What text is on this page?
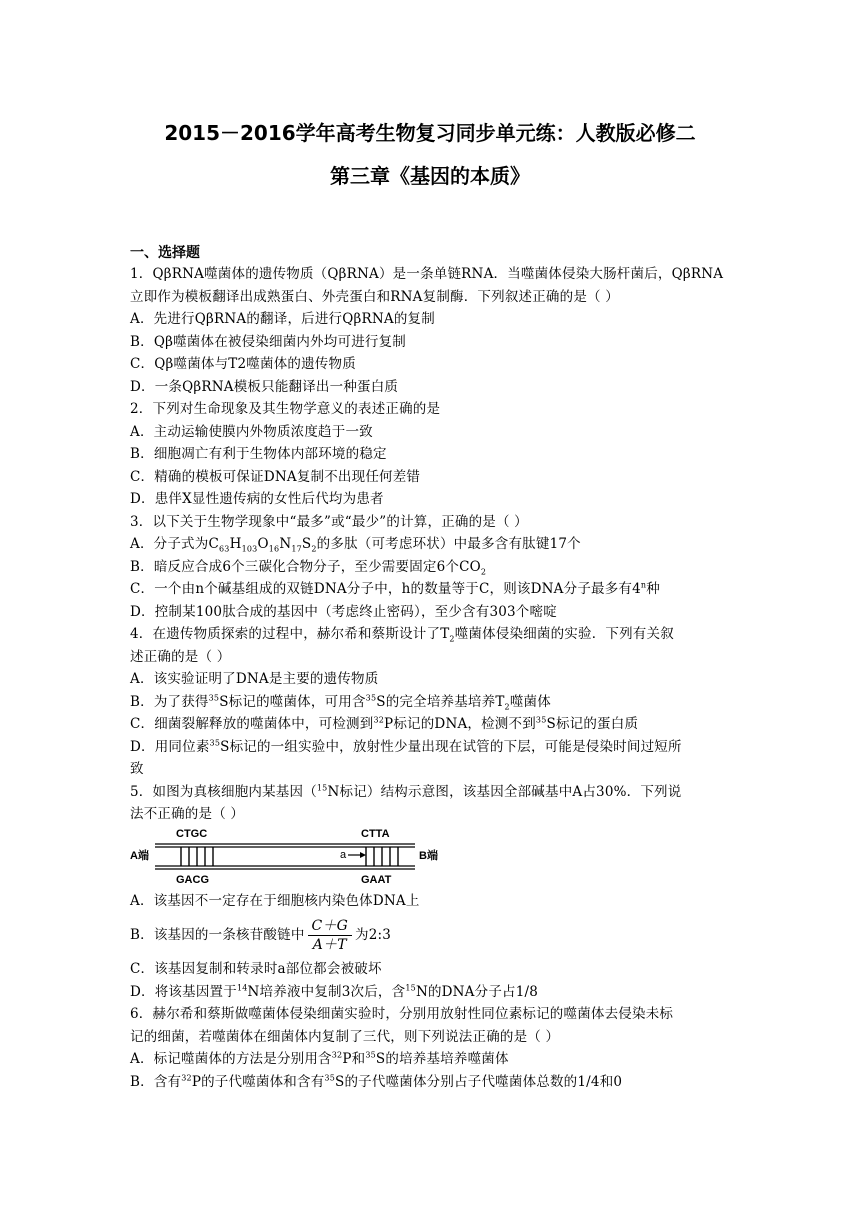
2015－2016学年高考生物复习同步单元练：人教版必修二
第三章《基因的本质》
一、选择题
1．QβRNA噬菌体的遗传物质（QβRNA）是一条单链RNA．当噬菌体侵染大肠杆菌后，QβRNA
立即作为模板翻译出成熟蛋白、外壳蛋白和RNA复制酶．下列叙述正确的是（ ）
A．先进行QβRNA的翻译，后进行QβRNA的复制
B．Qβ噬菌体在被侵染细菌内外均可进行复制
C．Qβ噬菌体与T2噬菌体的遗传物质
D．一条QβRNA模板只能翻译出一种蛋白质
2．下列对生命现象及其生物学意义的表述正确的是
A．主动运输使膜内外物质浓度趋于一致
B．细胞凋亡有利于生物体内部环境的稳定
C．精确的模板可保证DNA复制不出现任何差错
D．患伴X显性遗传病的女性后代均为患者
3．以下关于生物学现象中“最多”或“最少”的计算，正确的是（ ）
A．分子式为$C_{63}H_{103}O_{16}N_{17}S_2$的多肽（可考虑环状）中最多含有肽键17个
B．暗反应合成6个三碳化合物分子，至少需要固定6个$CO_2$
C．一个由n个碱基组成的双链DNA分子中，h的数量等于C，则该DNA分子最多有4$^n$种
D．控制某100肽合成的基因中（考虑终止密码），至少含有303个嘧啶
4．在遗传物质探索的过程中，赫尔希和蔡斯设计了$T_2$噬菌体侵染细菌的实验．下列有关叙
述正确的是（ ）
A．该实验证明了DNA是主要的遗传物质
B．为了获得$^{35}$S标记的噬菌体，可用含$^{35}$S的完全培养基培养$T_2$噬菌体
C．细菌裂解释放的噬菌体中，可检测到$^{32}$P标记的DNA，检测不到$^{35}$S标记的蛋白质
D．用同位素$^{35}$S标记的一组实验中，放射性少量出现在试管的下层，可能是侵染时间过短所
致
5．如图为真核细胞内某基因（$^{15}$N标记）结构示意图，该基因全部碱基中A占30%．下列说
法不正确的是（ ）
A端	B端
CTGC
GACG
CTTA
GAAT
a
A．该基因不一定存在于细胞核内染色体DNA上
B．该基因的一条核苷酸链中 $\frac{C+G}{A+T}$ 为2:3
C．该基因复制和转录时a部位都会被破坏
D．将该基因置于$^{14}$N培养液中复制3次后，含$^{15}$N的DNA分子占1/8
6．赫尔希和蔡斯做噬菌体侵染细菌实验时，分别用放射性同位素标记的噬菌体去侵染未标
记的细菌，若噬菌体在细菌体内复制了三代，则下列说法正确的是（ ）
A．标记噬菌体的方法是分别用含$^{32}$P和$^{35}$S的培养基培养噬菌体
B．含有$^{32}$P的子代噬菌体和含有$^{35}$S的子代噬菌体分别占子代噬菌体总数的1/4和0
